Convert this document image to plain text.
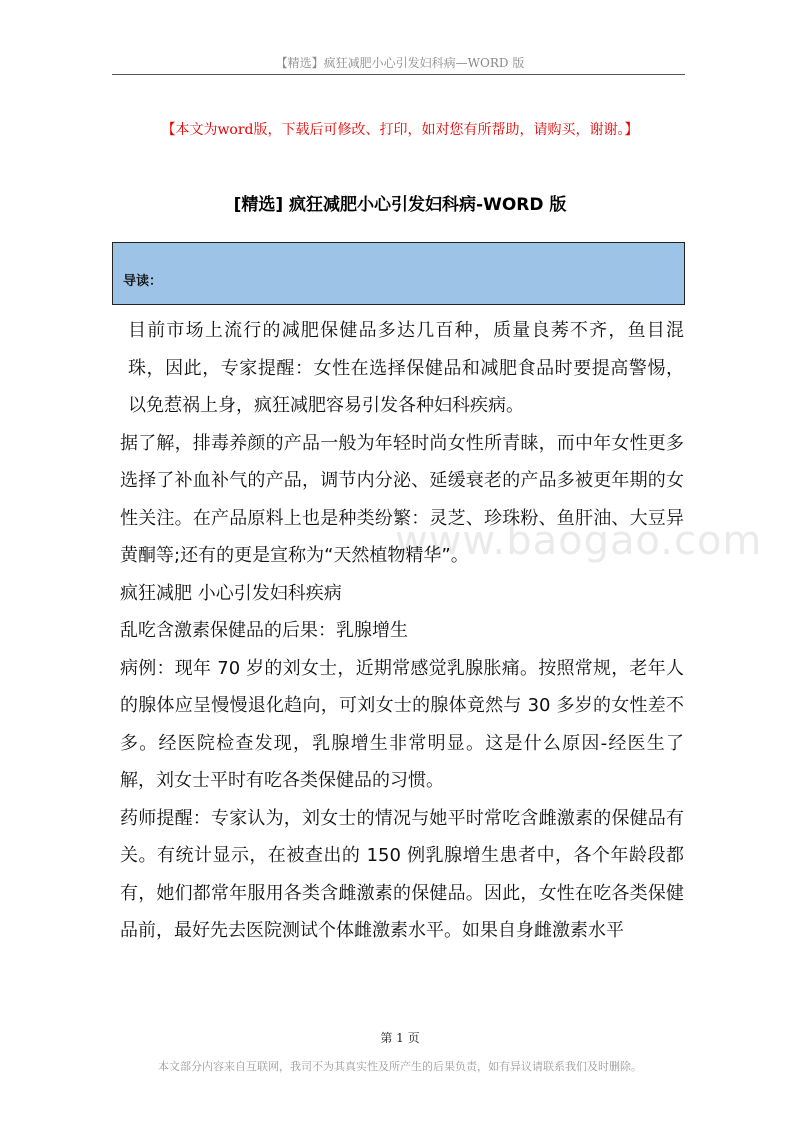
【精选】疯狂减肥小心引发妇科病—WORD 版
【本文为word版，下载后可修改、打印，如对您有所帮助，请购买，谢谢。】
[精选] 疯狂减肥小心引发妇科病-WORD 版
导读：
www.baogao.com

目前市场上流行的减肥保健品多达几百种，质量良莠不齐，鱼目混珠，因此，专家提醒：女性在选择保健品和减肥食品时要提高警惕，以免惹祸上身，疯狂减肥容易引发各种妇科疾病。

据了解，排毒养颜的产品一般为年轻时尚女性所青睐，而中年女性更多选择了补血补气的产品，调节内分泌、延缓衰老的产品多被更年期的女性关注。在产品原料上也是种类纷繁：灵芝、珍珠粉、鱼肝油、大豆异黄酮等;还有的更是宣称为“天然植物精华”。

疯狂减肥 小心引发妇科疾病

乱吃含激素保健品的后果：乳腺增生

病例：现年 70 岁的刘女士，近期常感觉乳腺胀痛。按照常规，老年人的腺体应呈慢慢退化趋向，可刘女士的腺体竟然与 30 多岁的女性差不多。经医院检查发现，乳腺增生非常明显。这是什么原因-经医生了解，刘女士平时有吃各类保健品的习惯。

药师提醒：专家认为，刘女士的情况与她平时常吃含雌激素的保健品有关。有统计显示，在被查出的 150 例乳腺增生患者中，各个年龄段都有，她们都常年服用各类含雌激素的保健品。因此，女性在吃各类保健品前，最好先去医院测试个体雌激素水平。如果自身雌激素水平

第 1 页
本文部分内容来自互联网，我司不为其真实性及所产生的后果负责，如有异议请联系我们及时删除。
